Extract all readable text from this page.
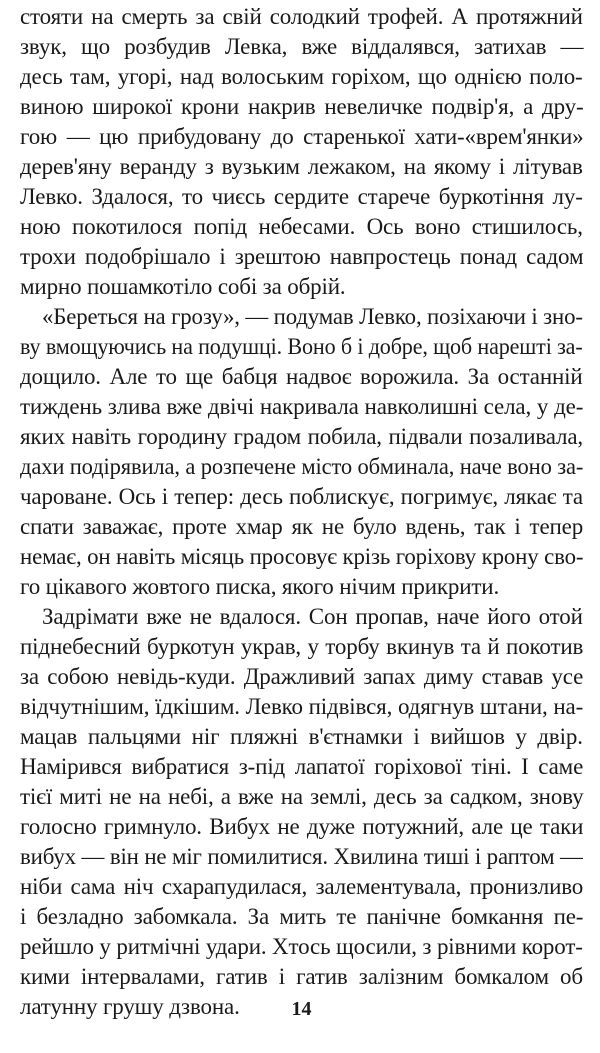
стояти на смерть за свій солодкий трофей. А протяжний
звук, що розбудив Левка, вже віддалявся, затихав —
десь там, угорі, над волоським горіхом, що однією поло-
виною широкої крони накрив невеличке подвір'я, а дру-
гою — цю прибудовану до старенької хати-«врем'янки»
дерев'яну веранду з вузьким лежаком, на якому і літував
Левко. Здалося, то чиєсь сердите старече буркотіння лу-
ною покотилося попід небесами. Ось воно стишилось,
трохи подобрішало і зрештою навпростець понад садом
мирно пошамкотіло собі за обрій.
«Береться на грозу», — подумав Левко, позіхаючи і зно-
ву вмощуючись на подушці. Воно б і добре, щоб нарешті за-
дощило. Але то ще бабця надвоє ворожила. За останній
тиждень злива вже двічі накривала навколишні села, у де-
яких навіть городину градом побила, підвали позаливала,
дахи подірявила, а розпечене місто обминала, наче воно за-
чароване. Ось і тепер: десь поблискує, погримує, лякає та
спати заважає, проте хмар як не було вдень, так і тепер
немає, он навіть місяць просовує крізь горіхову крону сво-
го цікавого жовтого писка, якого нічим прикрити.
Задрімати вже не вдалося. Сон пропав, наче його отой
піднебесний буркотун украв, у торбу вкинув та й покотив
за собою невідь-куди. Дражливий запах диму ставав усе
відчутнішим, їдкішим. Левко підвівся, одягнув штани, на-
мацав пальцями ніг пляжні в'єтнамки і вийшов у двір.
Намірився вибратися з-під лапатої горіхової тіні. І саме
тієї миті не на небі, а вже на землі, десь за садком, знову
голосно гримнуло. Вибух не дуже потужний, але це таки
вибух — він не міг помилитися. Хвилина тиші і раптом —
ніби сама ніч схарапудилася, залементувала, пронизливо
і безладно забомкала. За мить те панічне бомкання пе-
рейшло у ритмічні удари. Хтось щосили, з рівними корот-
кими інтервалами, гатив і гатив залізним бомкалом об
латунну грушу дзвона.	14
